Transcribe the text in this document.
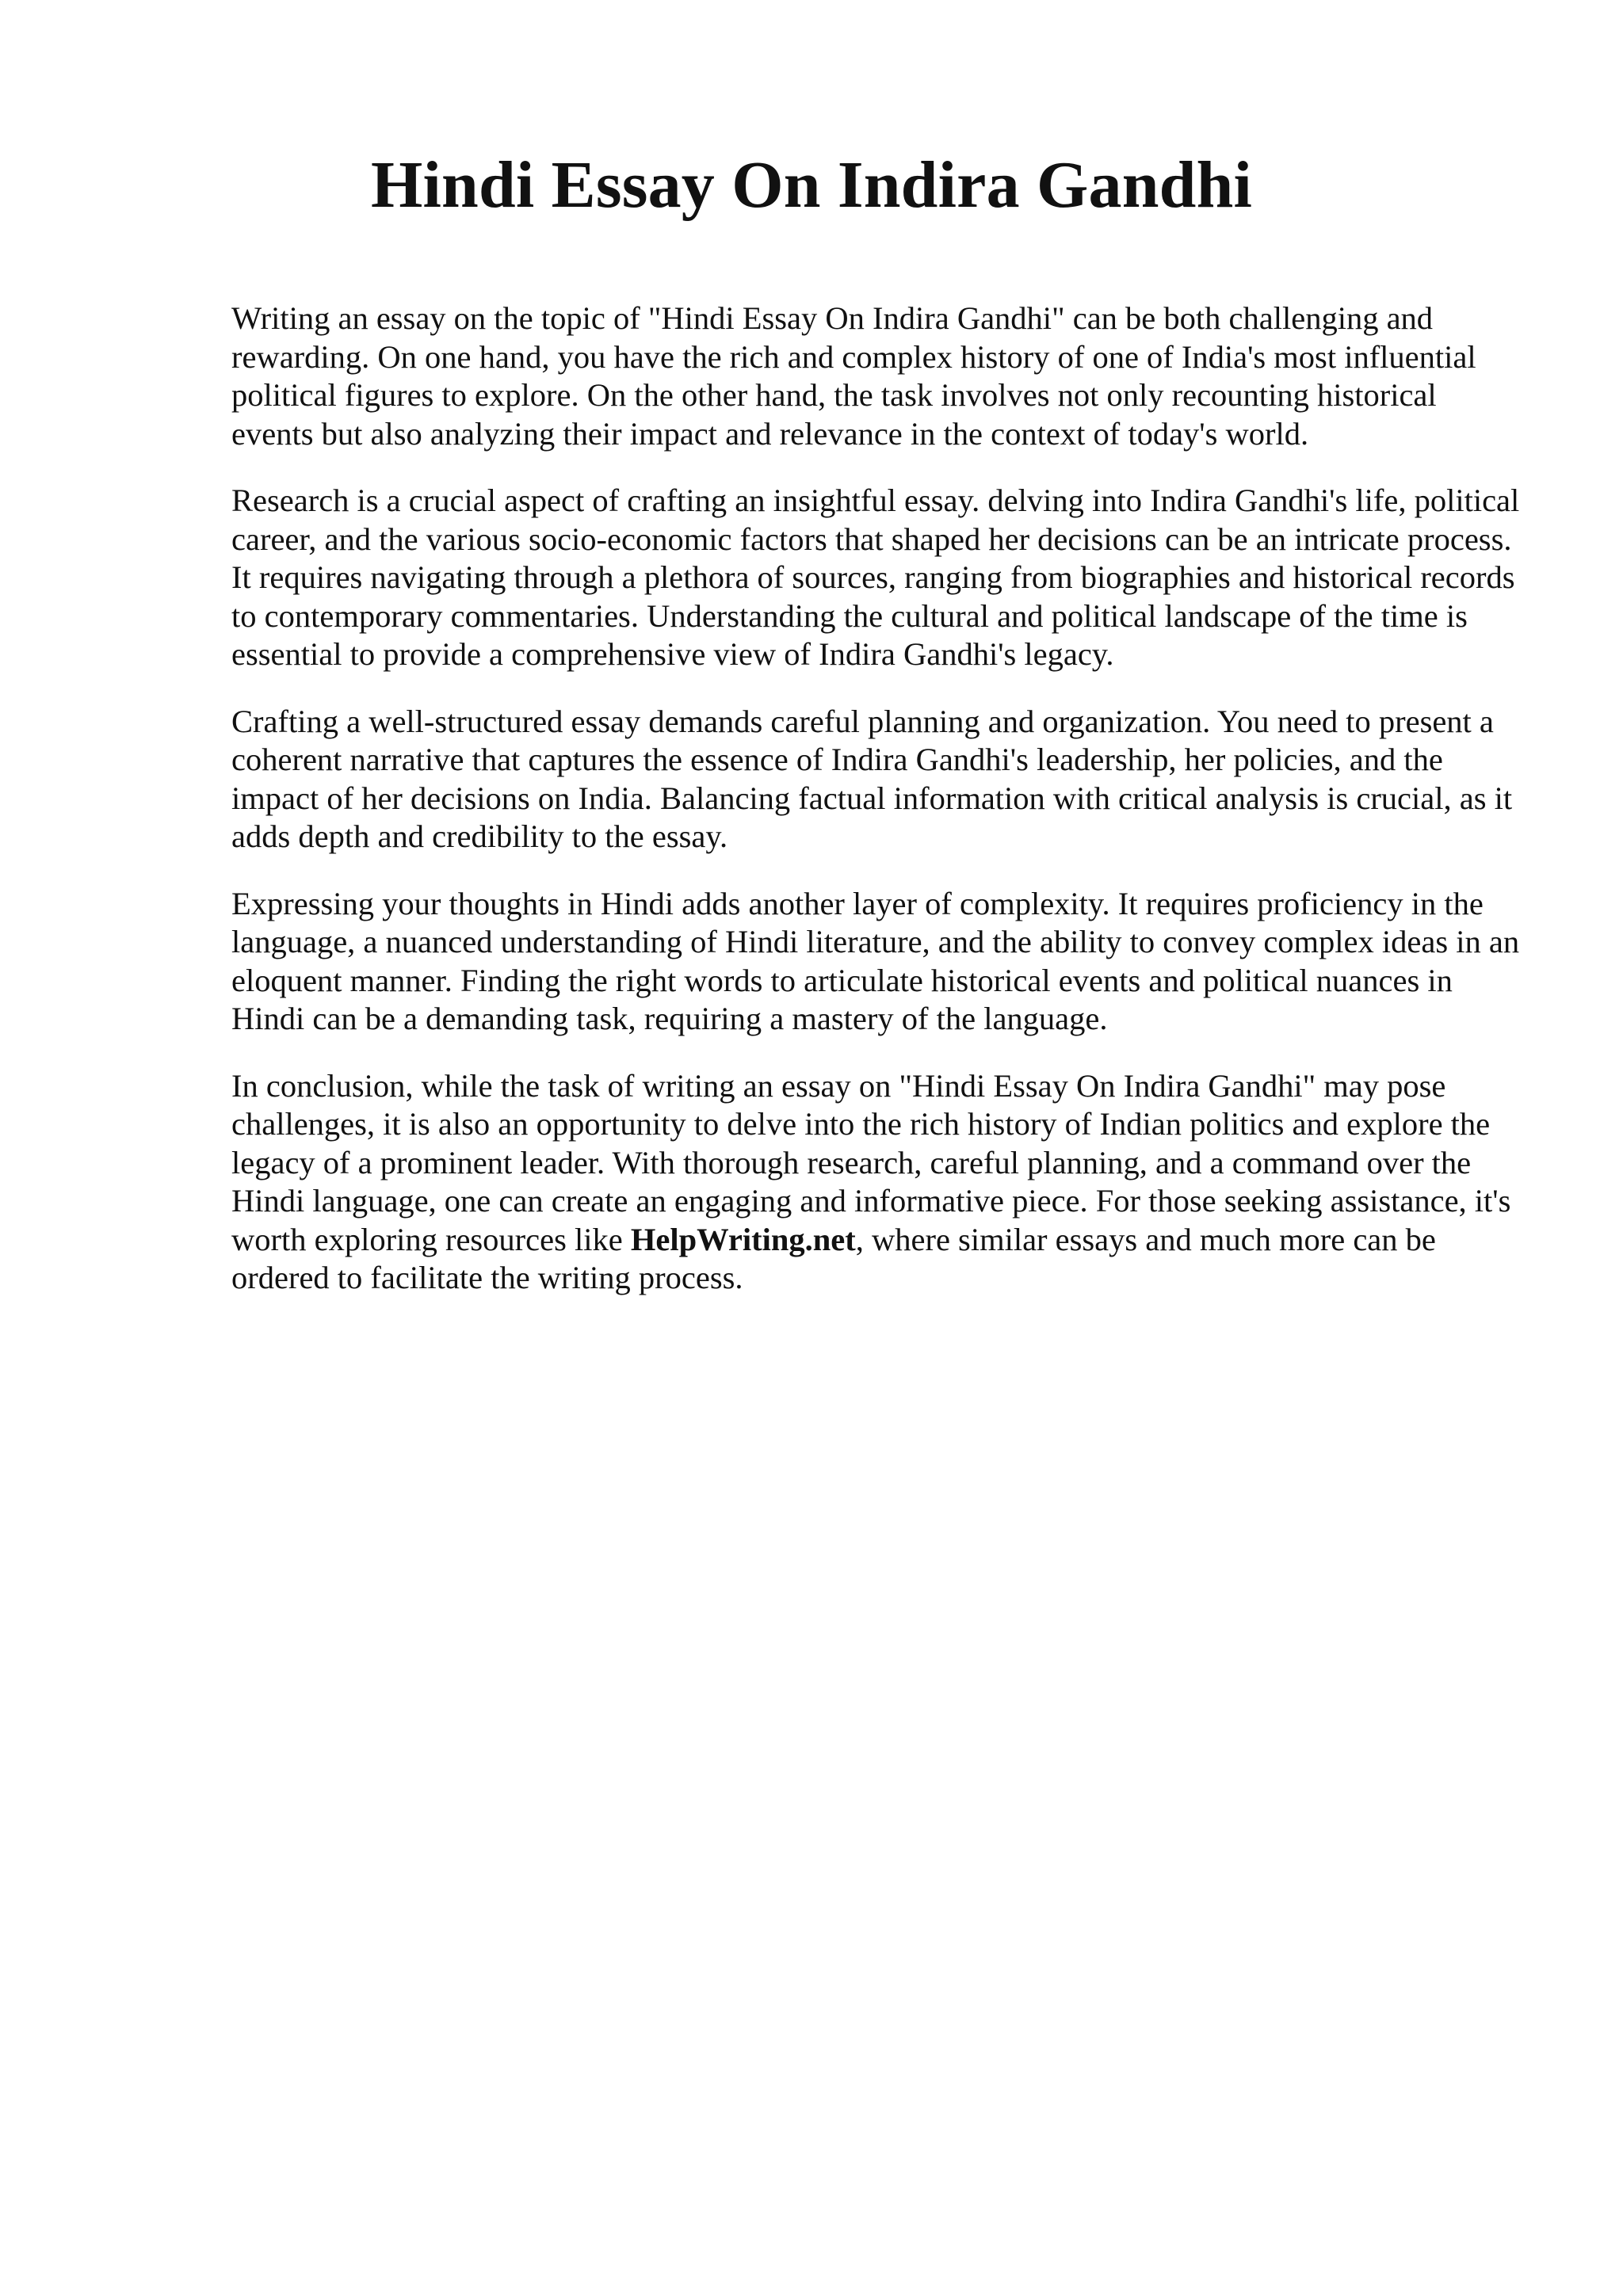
Hindi Essay On Indira Gandhi

Writing an essay on the topic of "Hindi Essay On Indira Gandhi" can be both challenging and rewarding. On one hand, you have the rich and complex history of one of India's most influential political figures to explore. On the other hand, the task involves not only recounting historical events but also analyzing their impact and relevance in the context of today's world.

Research is a crucial aspect of crafting an insightful essay. delving into Indira Gandhi's life, political career, and the various socio-economic factors that shaped her decisions can be an intricate process. It requires navigating through a plethora of sources, ranging from biographies and historical records to contemporary commentaries. Understanding the cultural and political landscape of the time is essential to provide a comprehensive view of Indira Gandhi's legacy.

Crafting a well-structured essay demands careful planning and organization. You need to present a coherent narrative that captures the essence of Indira Gandhi's leadership, her policies, and the impact of her decisions on India. Balancing factual information with critical analysis is crucial, as it adds depth and credibility to the essay.

Expressing your thoughts in Hindi adds another layer of complexity. It requires proficiency in the language, a nuanced understanding of Hindi literature, and the ability to convey complex ideas in an eloquent manner. Finding the right words to articulate historical events and political nuances in Hindi can be a demanding task, requiring a mastery of the language.

In conclusion, while the task of writing an essay on "Hindi Essay On Indira Gandhi" may pose challenges, it is also an opportunity to delve into the rich history of Indian politics and explore the legacy of a prominent leader. With thorough research, careful planning, and a command over the Hindi language, one can create an engaging and informative piece. For those seeking assistance, it's worth exploring resources like HelpWriting.net, where similar essays and much more can be ordered to facilitate the writing process.
